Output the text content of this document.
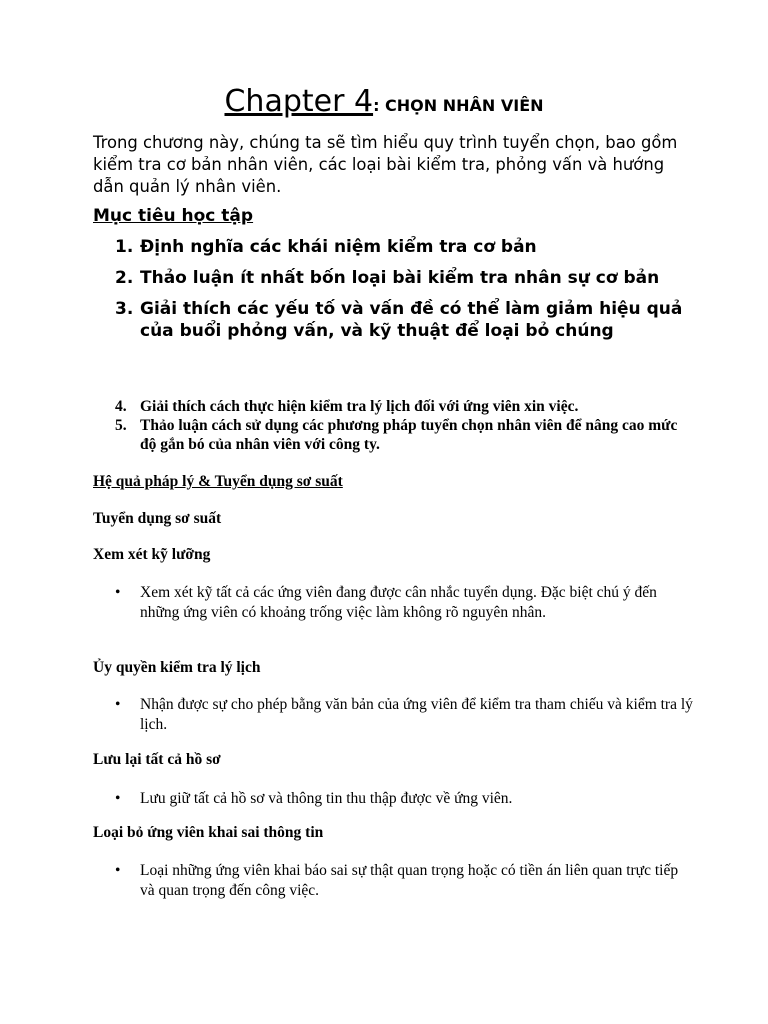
Chapter 4: CHỌN NHÂN VIÊN
Trong chương này, chúng ta sẽ tìm hiểu quy trình tuyển chọn, bao gồm kiểm tra cơ bản nhân viên, các loại bài kiểm tra, phỏng vấn và hướng dẫn quản lý nhân viên.
Mục tiêu học tập
1. Định nghĩa các khái niệm kiểm tra cơ bản
2. Thảo luận ít nhất bốn loại bài kiểm tra nhân sự cơ bản
3. Giải thích các yếu tố và vấn đề có thể làm giảm hiệu quả của buổi phỏng vấn, và kỹ thuật để loại bỏ chúng
4. Giải thích cách thực hiện kiểm tra lý lịch đối với ứng viên xin việc.
5. Thảo luận cách sử dụng các phương pháp tuyển chọn nhân viên để nâng cao mức độ gắn bó của nhân viên với công ty.
Hệ quả pháp lý & Tuyển dụng sơ suất
Tuyển dụng sơ suất
Xem xét kỹ lưỡng
•	Xem xét kỹ tất cả các ứng viên đang được cân nhắc tuyển dụng. Đặc biệt chú ý đến những ứng viên có khoảng trống việc làm không rõ nguyên nhân.
Ủy quyền kiểm tra lý lịch
•	Nhận được sự cho phép bằng văn bản của ứng viên để kiểm tra tham chiếu và kiểm tra lý lịch.
Lưu lại tất cả hồ sơ
•	Lưu giữ tất cả hồ sơ và thông tin thu thập được về ứng viên.
Loại bỏ ứng viên khai sai thông tin
•	Loại những ứng viên khai báo sai sự thật quan trọng hoặc có tiền án liên quan trực tiếp và quan trọng đến công việc.
